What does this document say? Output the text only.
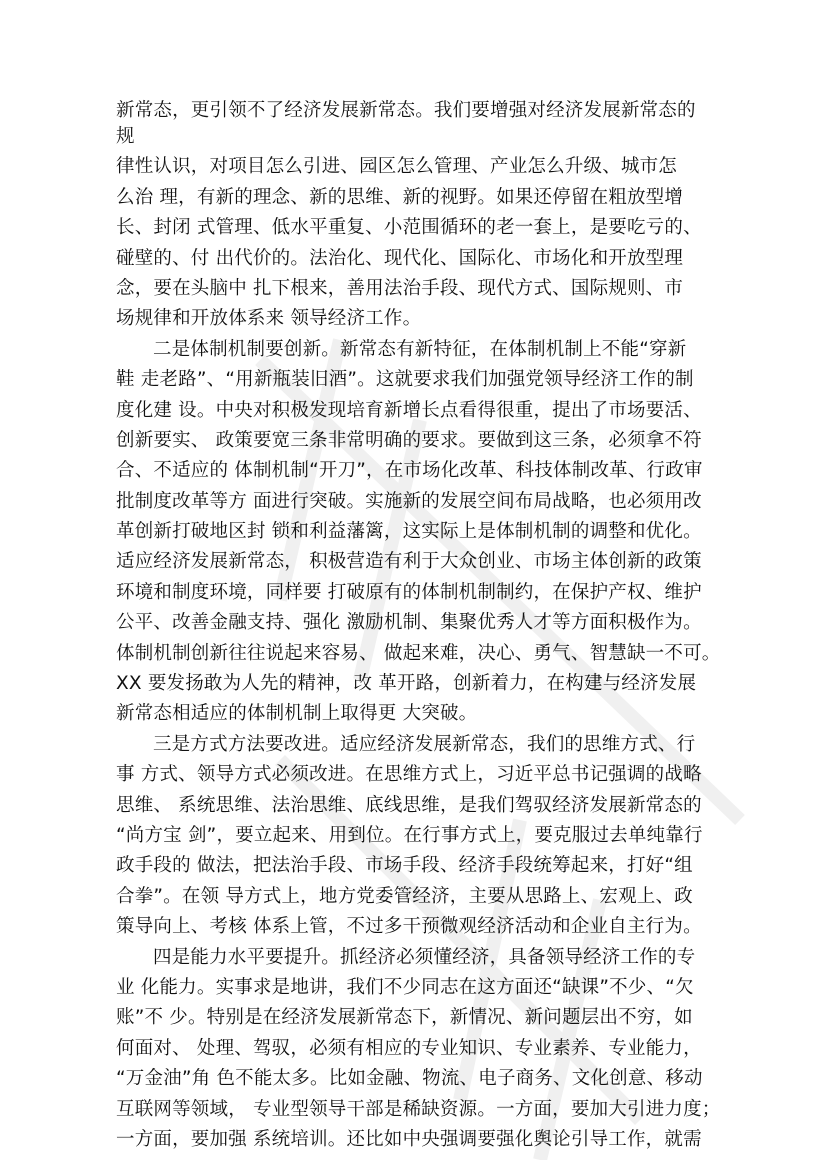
新常态，更引领不了经济发展新常态。我们要增强对经济发展新常态的
规
律性认识，对项目怎么引进、园区怎么管理、产业怎么升级、城市怎
么治 理，有新的理念、新的思维、新的视野。如果还停留在粗放型增
长、封闭 式管理、低水平重复、小范围循环的老一套上，是要吃亏的、
碰壁的、付 出代价的。法治化、现代化、国际化、市场化和开放型理
念，要在头脑中 扎下根来，善用法治手段、现代方式、国际规则、市
场规律和开放体系来 领导经济工作。
二是体制机制要创新。新常态有新特征，在体制机制上不能“穿新
鞋 走老路”、“用新瓶装旧酒”。这就要求我们加强党领导经济工作的制
度化建 设。中央对积极发现培育新增长点看得很重，提出了市场要活、
创新要实、 政策要宽三条非常明确的要求。要做到这三条，必须拿不符
合、不适应的 体制机制“开刀”，在市场化改革、科技体制改革、行政审
批制度改革等方 面进行突破。实施新的发展空间布局战略，也必须用改
革创新打破地区封 锁和利益藩篱，这实际上是体制机制的调整和优化。
适应经济发展新常态， 积极营造有利于大众创业、市场主体创新的政策
环境和制度环境，同样要 打破原有的体制机制制约，在保护产权、维护
公平、改善金融支持、强化 激励机制、集聚优秀人才等方面积极作为。
体制机制创新往往说起来容易、 做起来难，决心、勇气、智慧缺一不可。
XX 要发扬敢为人先的精神，改 革开路，创新着力，在构建与经济发展
新常态相适应的体制机制上取得更 大突破。
三是方式方法要改进。适应经济发展新常态，我们的思维方式、行
事 方式、领导方式必须改进。在思维方式上，习近平总书记强调的战略
思维、 系统思维、法治思维、底线思维，是我们驾驭经济发展新常态的
“尚方宝 剑”，要立起来、用到位。在行事方式上，要克服过去单纯靠行
政手段的 做法，把法治手段、市场手段、经济手段统筹起来，打好“组
合拳”。在领 导方式上，地方党委管经济，主要从思路上、宏观上、政
策导向上、考核 体系上管，不过多干预微观经济活动和企业自主行为。
四是能力水平要提升。抓经济必须懂经济，具备领导经济工作的专
业 化能力。实事求是地讲，我们不少同志在这方面还“缺课”不少、“欠
账”不 少。特别是在经济发展新常态下，新情况、新问题层出不穷，如
何面对、 处理、驾驭，必须有相应的专业知识、专业素养、专业能力，
“万金油”角 色不能太多。比如金融、物流、电子商务、文化创意、移动
互联网等领域， 专业型领导干部是稀缺资源。一方面，要加大引进力度；
一方面，要加强 系统培训。还比如中央强调要强化舆论引导工作，就需
